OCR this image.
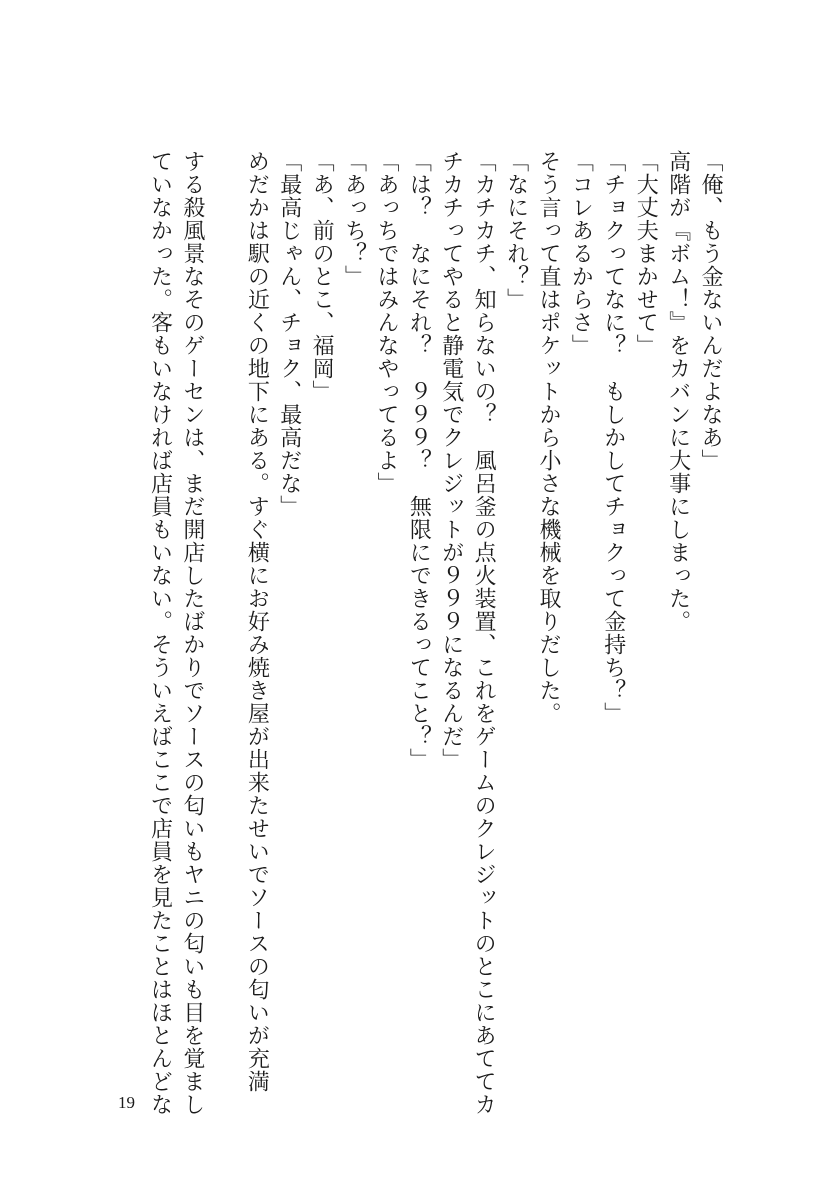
「俺、もう金ないんだよなあ」
高階が『ボム！』をカバンに大事にしまった。
「大丈夫まかせて」
「チョクってなに？　もしかしてチョクって金持ち？」
「コレあるからさ」
そう言って直はポケットから小さな機械を取りだした。
「なにそれ？」
「カチカチ、知らないの？　風呂釜の点火装置、これをゲームのクレジットのとこにあててカ
チカチってやると静電気でクレジットが９９９になるんだ」
「は？　なにそれ？　９９９？　無限にできるってこと？」
「あっちではみんなやってるよ」
「あっち？」
「あ、前のとこ、福岡」
「最高じゃん、チョク、最高だな」
めだかは駅の近くの地下にある。すぐ横にお好み焼き屋が出来たせいでソースの匂いが充満
する殺風景なそのゲーセンは、まだ開店したばかりでソースの匂いもヤニの匂いも目を覚まし
ていなかった。客もいなければ店員もいない。そういえばここで店員を見たことはほとんどな
19
